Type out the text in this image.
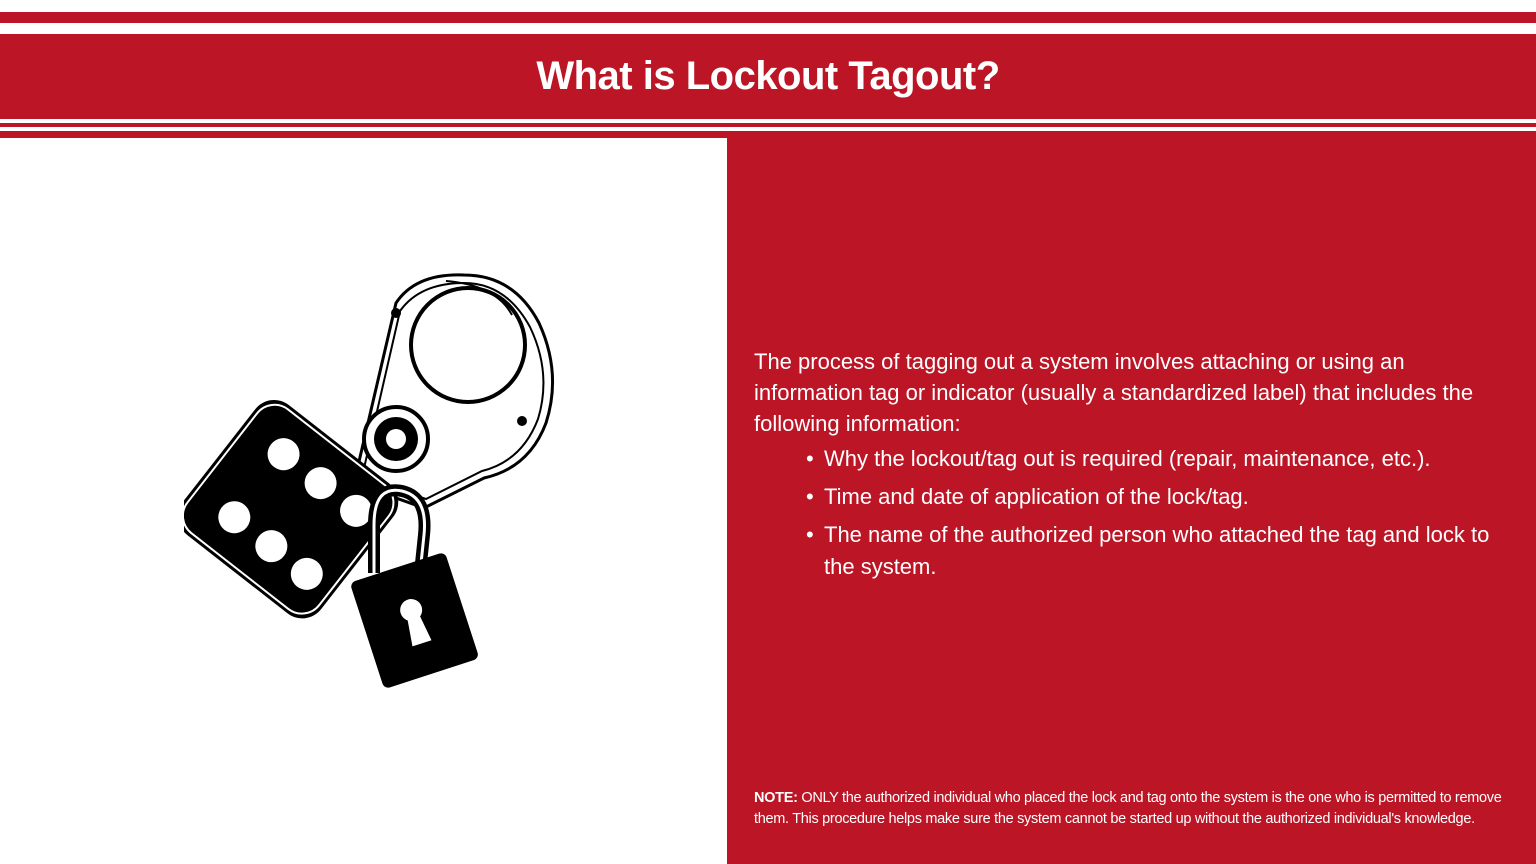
What is Lockout Tagout?

The process of tagging out a system involves attaching or using an information tag or indicator (usually a standardized label) that includes the following information:

• Why the lockout/tag out is required (repair, maintenance, etc.).
• Time and date of application of the lock/tag.
• The name of the authorized person who attached the tag and lock to the system.
NOTE: ONLY the authorized individual who placed the lock and tag onto the system is the one who is permitted to remove them. This procedure helps make sure the system cannot be started up without the authorized individual's knowledge.
